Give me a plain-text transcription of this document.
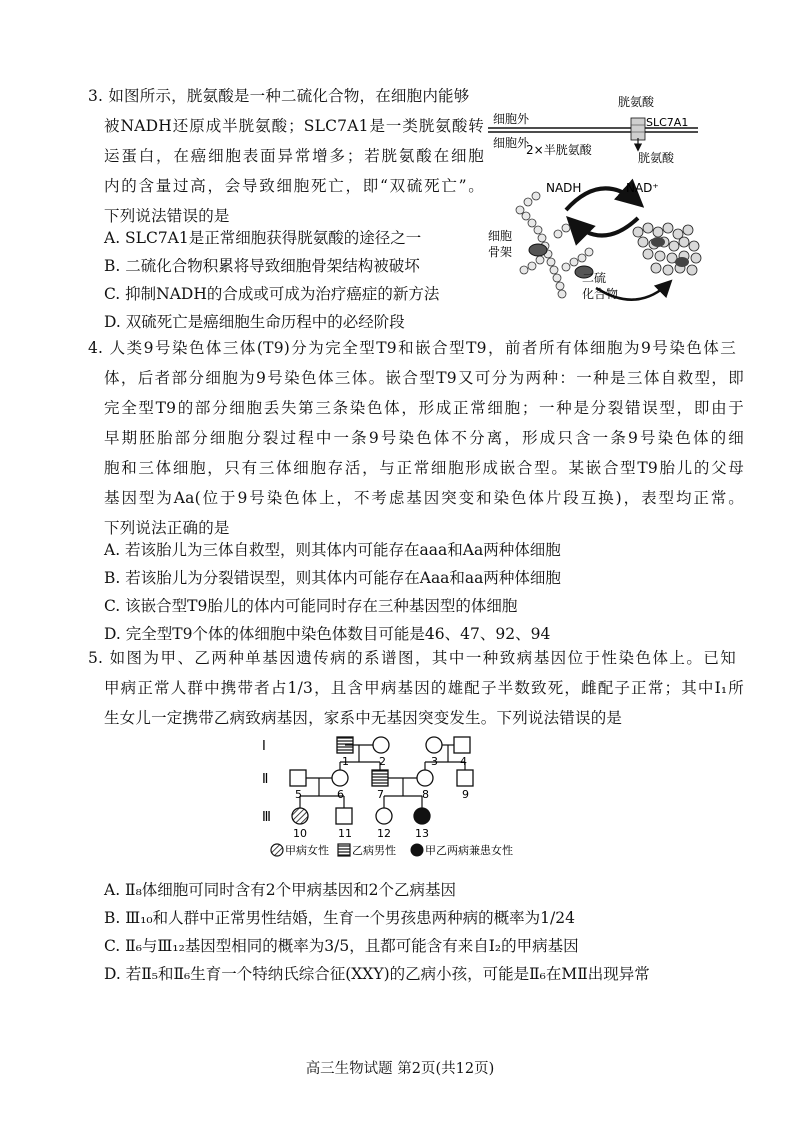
3. 如图所示，胱氨酸是一种二硫化合物，在细胞内能够
被NADH还原成半胱氨酸；SLC7A1是一类胱氨酸转
运蛋白，在癌细胞表面异常增多；若胱氨酸在细胞
内的含量过高，会导致细胞死亡，即“双硫死亡”。
下列说法错误的是
A. SLC7A1是正常细胞获得胱氨酸的途径之一
B. 二硫化合物积累将导致细胞骨架结构被破坏
C. 抑制NADH的合成或可成为治疗癌症的新方法
D. 双硫死亡是癌细胞生命历程中的必经阶段
细胞外
细胞外
胱氨酸
SLC7A1
2×半胱氨酸
胱氨酸
NADH	NAD⁺
细胞
骨架
二硫
化合物
4. 人类9号染色体三体(T9)分为完全型T9和嵌合型T9，前者所有体细胞为9号染色体三
体，后者部分细胞为9号染色体三体。嵌合型T9又可分为两种：一种是三体自救型，即
完全型T9的部分细胞丢失第三条染色体，形成正常细胞；一种是分裂错误型，即由于
早期胚胎部分细胞分裂过程中一条9号染色体不分离，形成只含一条9号染色体的细
胞和三体细胞，只有三体细胞存活，与正常细胞形成嵌合型。某嵌合型T9胎儿的父母
基因型为Aa(位于9号染色体上，不考虑基因突变和染色体片段互换)，表型均正常。
下列说法正确的是
A. 若该胎儿为三体自救型，则其体内可能存在aaa和Aa两种体细胞
B. 若该胎儿为分裂错误型，则其体内可能存在Aaa和aa两种体细胞
C. 该嵌合型T9胎儿的体内可能同时存在三种基因型的体细胞
D. 完全型T9个体的体细胞中染色体数目可能是46、47、92、94
5. 如图为甲、乙两种单基因遗传病的系谱图，其中一种致病基因位于性染色体上。已知
甲病正常人群中携带者占1/3，且含甲病基因的雄配子半数致死，雌配子正常；其中I₁所
生女儿一定携带乙病致病基因，家系中无基因突变发生。下列说法错误的是
Ⅰ
Ⅱ
Ⅲ
1	2	3 4
5	6	7	8	9
10	11 12 13
甲病女性 乙病男性	甲乙两病兼患女性
A. Ⅱ₈体细胞可同时含有2个甲病基因和2个乙病基因
B. Ⅲ₁₀和人群中正常男性结婚，生育一个男孩患两种病的概率为1/24
C. Ⅱ₆与Ⅲ₁₂基因型相同的概率为3/5，且都可能含有来自I₂的甲病基因
D. 若Ⅱ₅和Ⅱ₆生育一个特纳氏综合征(XXY)的乙病小孩，可能是Ⅱ₆在MⅡ出现异常
高三生物试题 第2页(共12页)
